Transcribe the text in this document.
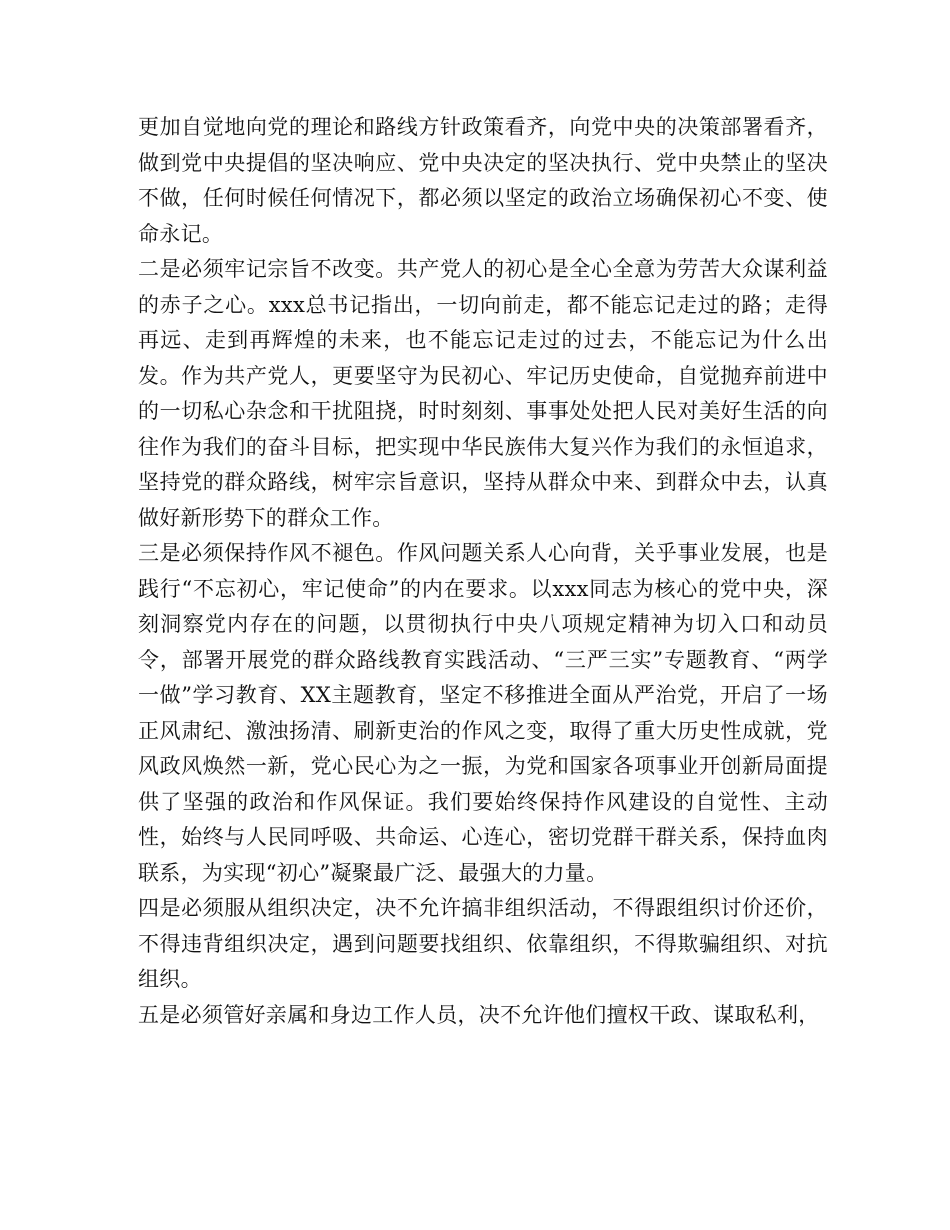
更加自觉地向党的理论和路线方针政策看齐，向党中央的决策部署看齐，做到党中央提倡的坚决响应、党中央决定的坚决执行、党中央禁止的坚决不做，任何时候任何情况下，都必须以坚定的政治立场确保初心不变、使命永记。

二是必须牢记宗旨不改变。共产党人的初心是全心全意为劳苦大众谋利益的赤子之心。xxx总书记指出，一切向前走，都不能忘记走过的路；走得再远、走到再辉煌的未来，也不能忘记走过的过去，不能忘记为什么出发。作为共产党人，更要坚守为民初心、牢记历史使命，自觉抛弃前进中的一切私心杂念和干扰阻挠，时时刻刻、事事处处把人民对美好生活的向往作为我们的奋斗目标，把实现中华民族伟大复兴作为我们的永恒追求，坚持党的群众路线，树牢宗旨意识，坚持从群众中来、到群众中去，认真做好新形势下的群众工作。

三是必须保持作风不褪色。作风问题关系人心向背，关乎事业发展，也是践行“不忘初心，牢记使命”的内在要求。以xxx同志为核心的党中央，深刻洞察党内存在的问题，以贯彻执行中央八项规定精神为切入口和动员令，部署开展党的群众路线教育实践活动、“三严三实”专题教育、“两学一做”学习教育、XX主题教育，坚定不移推进全面从严治党，开启了一场正风肃纪、激浊扬清、刷新吏治的作风之变，取得了重大历史性成就，党风政风焕然一新，党心民心为之一振，为党和国家各项事业开创新局面提供了坚强的政治和作风保证。我们要始终保持作风建设的自觉性、主动性，始终与人民同呼吸、共命运、心连心，密切党群干群关系，保持血肉联系，为实现“初心”凝聚最广泛、最强大的力量。

四是必须服从组织决定，决不允许搞非组织活动，不得跟组织讨价还价，不得违背组织决定，遇到问题要找组织、依靠组织，不得欺骗组织、对抗组织。

五是必须管好亲属和身边工作人员，决不允许他们擅权干政、谋取私利，
